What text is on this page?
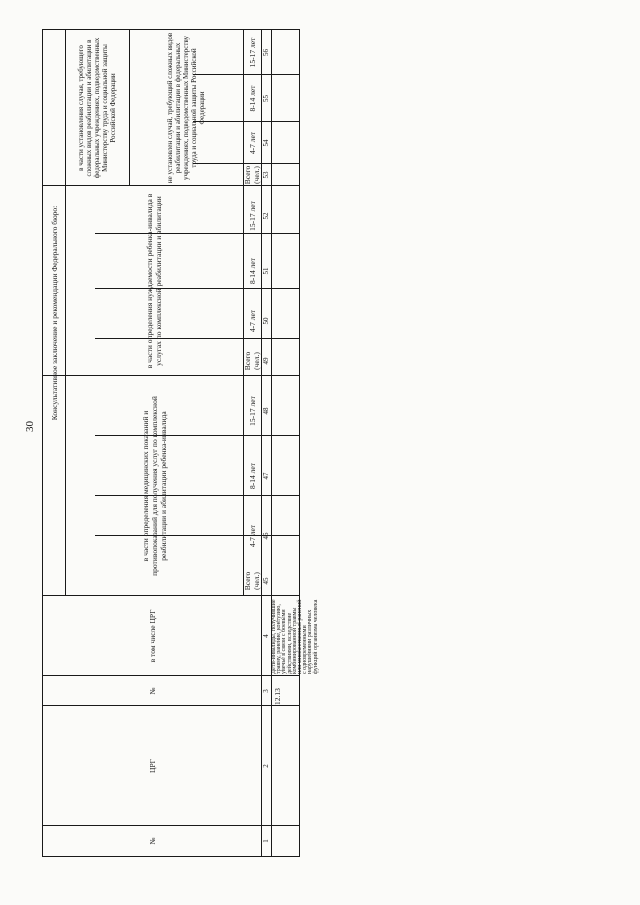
30
№
ЦРГ
№
в том числе ЦРГ
Консультативное заключение и рекомендации Федерального бюро:
в части определения медицинских показаний и противопоказаний для получения услуг по комплексной реабилитации и абилитации ребенка-инвалида
в части определения нуждаемости ребенка-инвалида в услугах по комплексной реабилитации и абилитации
в части установления случая, требующего сложных видов реабилитации и абилитации в федеральных учреждениях, подведомственных Министерству труда и социальной защиты Российской Федерации	не установлен случай, требующий сложных видов реабилитации и абилитации в федеральных учреждениях, подведомственных Министерству труда и социальной защиты Российской Федерации
Всего (чел.)
4-7 лет
8-14 лет
15-17 лет
Всего (чел.)
4-7 лет
8-14 лет
15-17 лет
Всего (чел.)
4-7 лет
8-14 лет
15-17 лет
1
2
3
4
45
46
47
48
49
50
51
52
53
54
55
56
12.13
Дети-инвалиды, получившие травму, ранение, контузию, увечье в связи с боевыми действиями, вследствие комбинированной травмы или множественных ранений с одновременными нарушениями различных функций организма человека
